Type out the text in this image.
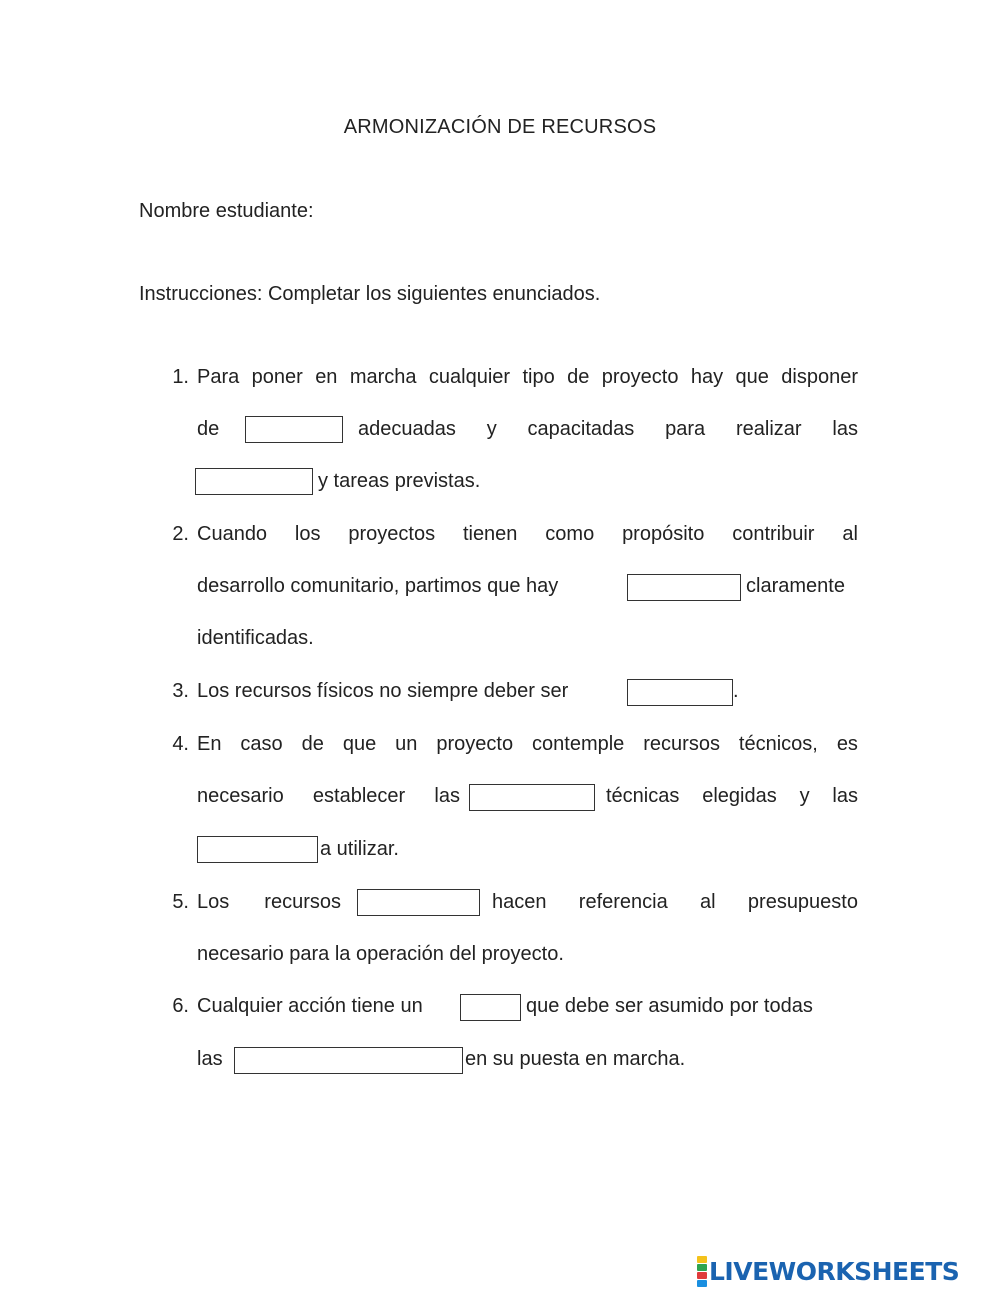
ARMONIZACIÓN DE RECURSOS
Nombre estudiante:
Instrucciones: Completar los siguientes enunciados.
1. Para poner en marcha cualquier tipo de proyecto hay que disponer
de	adecuadas y capacitadas para realizar las
y tareas previstas.
2. Cuando los proyectos tienen como propósito contribuir al
desarrollo comunitario, partimos que hay	claramente
identificadas.
3. Los recursos físicos no siempre deber ser	.
4. En caso de que un proyecto contemple recursos técnicos, es
necesario establecer las	técnicas elegidas y las
a utilizar.
5. Los recursos	hacen referencia al presupuesto
necesario para la operación del proyecto.
6. Cualquier acción tiene un	que debe ser asumido por todas
las	en su puesta en marcha.
LIVEWORKSHEETS
